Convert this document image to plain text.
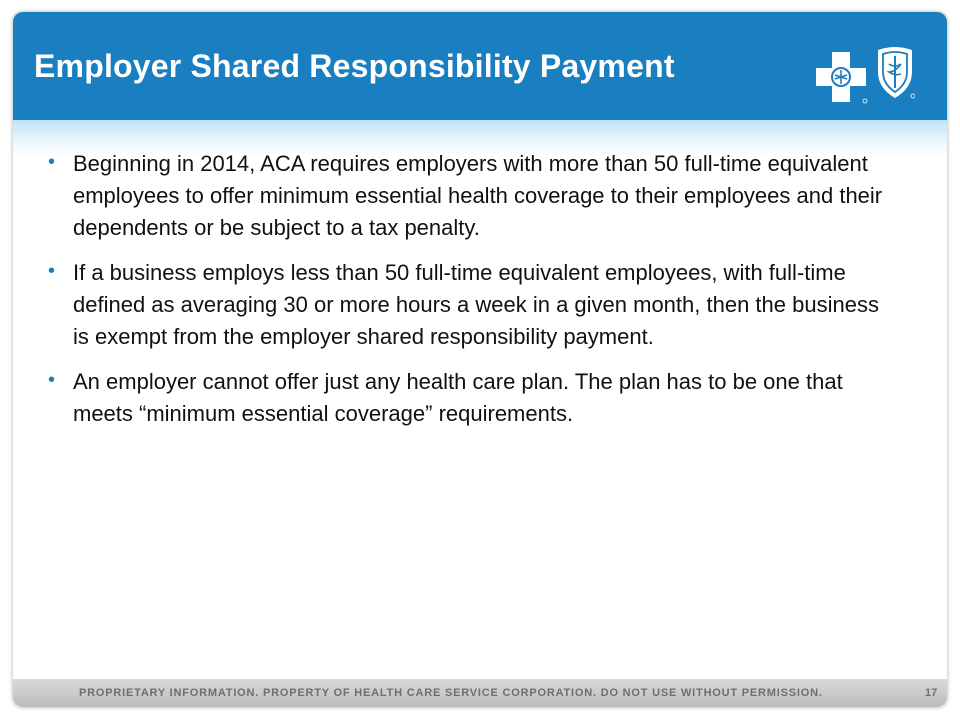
Employer Shared Responsibility Payment
PROPRIETARY INFORMATION. PROPERTY OF HEALTH CARE SERVICE CORPORATION. DO NOT USE WITHOUT PERMISSION.	17
• Beginning in 2014, ACA requires employers with more than 50 full-time equivalent employees to offer minimum essential health coverage to their employees and their dependents or be subject to a tax penalty.
• If a business employs less than 50 full-time equivalent employees, with full-time defined as averaging 30 or more hours a week in a given month, then the business is exempt from the employer shared responsibility payment.
• An employer cannot offer just any health care plan. The plan has to be one that meets “minimum essential coverage” requirements.
